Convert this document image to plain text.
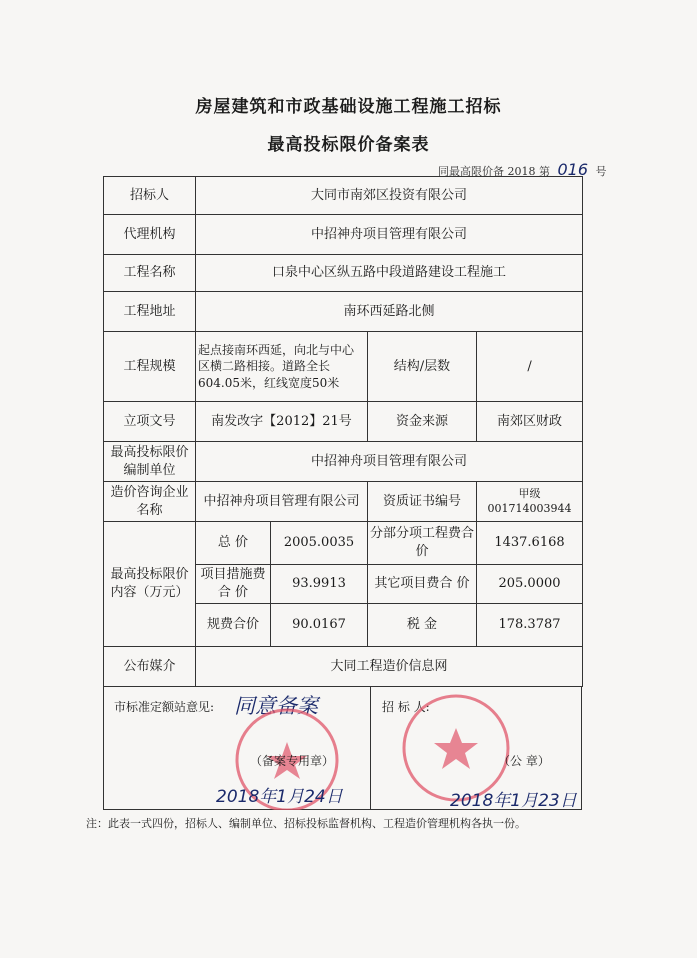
房屋建筑和市政基础设施工程施工招标
最高投标限价备案表
同最高限价备 2018 第 016 号
招标人	大同市南郊区投资有限公司			
代理机构	中招神舟项目管理有限公司			
工程名称	口泉中心区纵五路中段道路建设工程施工			
工程地址	南环西延路北侧			
工程规模	起点接南环西延，向北与中心区横二路相接。道路全长604.05米，红线宽度50米		结构/层数	/
立项文号	南发改字【2012】21号		资金来源	南郊区财政
最高投标限价编制单位	中招神舟项目管理有限公司			
造价咨询企业名称	中招神舟项目管理有限公司		资质证书编号	甲级 001714003944
最高投标限价内容（万元）	总 价	2005.0035	分部分项工程费合价	1437.6168
	项目措施费合 价	93.9913	其它项目费合 价	205.0000
	规费合价	90.0167	税 金	178.3787
公布媒介	大同工程造价信息网			
市标准定额站意见: 同意备案
（备案专用章）
2018年1月24日
招 标 人:
（公 章）
2018年1月23日
注：此表一式四份，招标人、编制单位、招标投标监督机构、工程造价管理机构各执一份。
